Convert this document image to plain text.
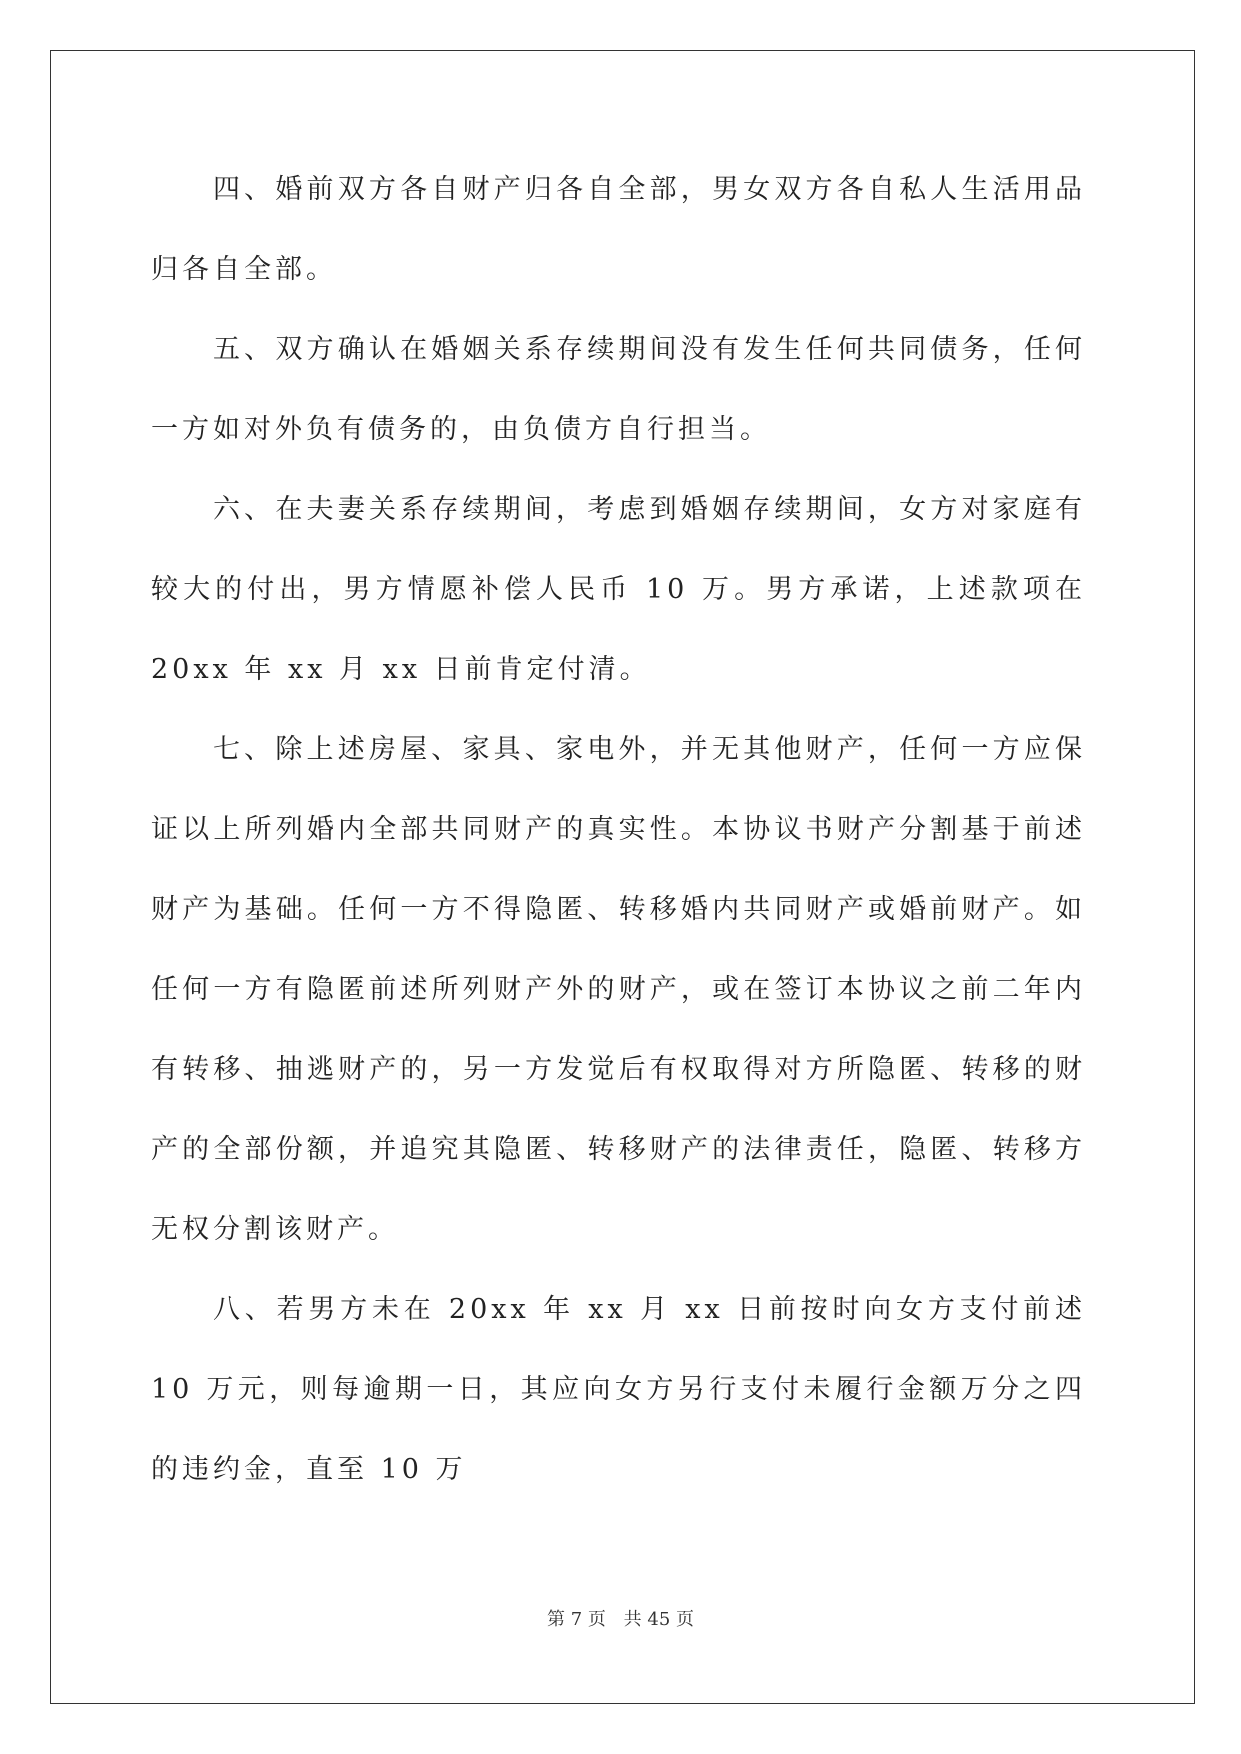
四、婚前双方各自财产归各自全部，男女双方各自私人生活用品归各自全部。

五、双方确认在婚姻关系存续期间没有发生任何共同债务，任何一方如对外负有债务的，由负债方自行担当。

六、在夫妻关系存续期间，考虑到婚姻存续期间，女方对家庭有较大的付出，男方情愿补偿人民币 10 万。男方承诺，上述款项在 20xx 年 xx 月 xx 日前肯定付清。

七、除上述房屋、家具、家电外，并无其他财产，任何一方应保证以上所列婚内全部共同财产的真实性。本协议书财产分割基于前述财产为基础。任何一方不得隐匿、转移婚内共同财产或婚前财产。如任何一方有隐匿前述所列财产外的财产，或在签订本协议之前二年内有转移、抽逃财产的，另一方发觉后有权取得对方所隐匿、转移的财产的全部份额，并追究其隐匿、转移财产的法律责任，隐匿、转移方无权分割该财产。

八、若男方未在 20xx 年 xx 月 xx 日前按时向女方支付前述 10 万元，则每逾期一日，其应向女方另行支付未履行金额万分之四的违约金，直至 10 万

第 7 页 共 45 页
